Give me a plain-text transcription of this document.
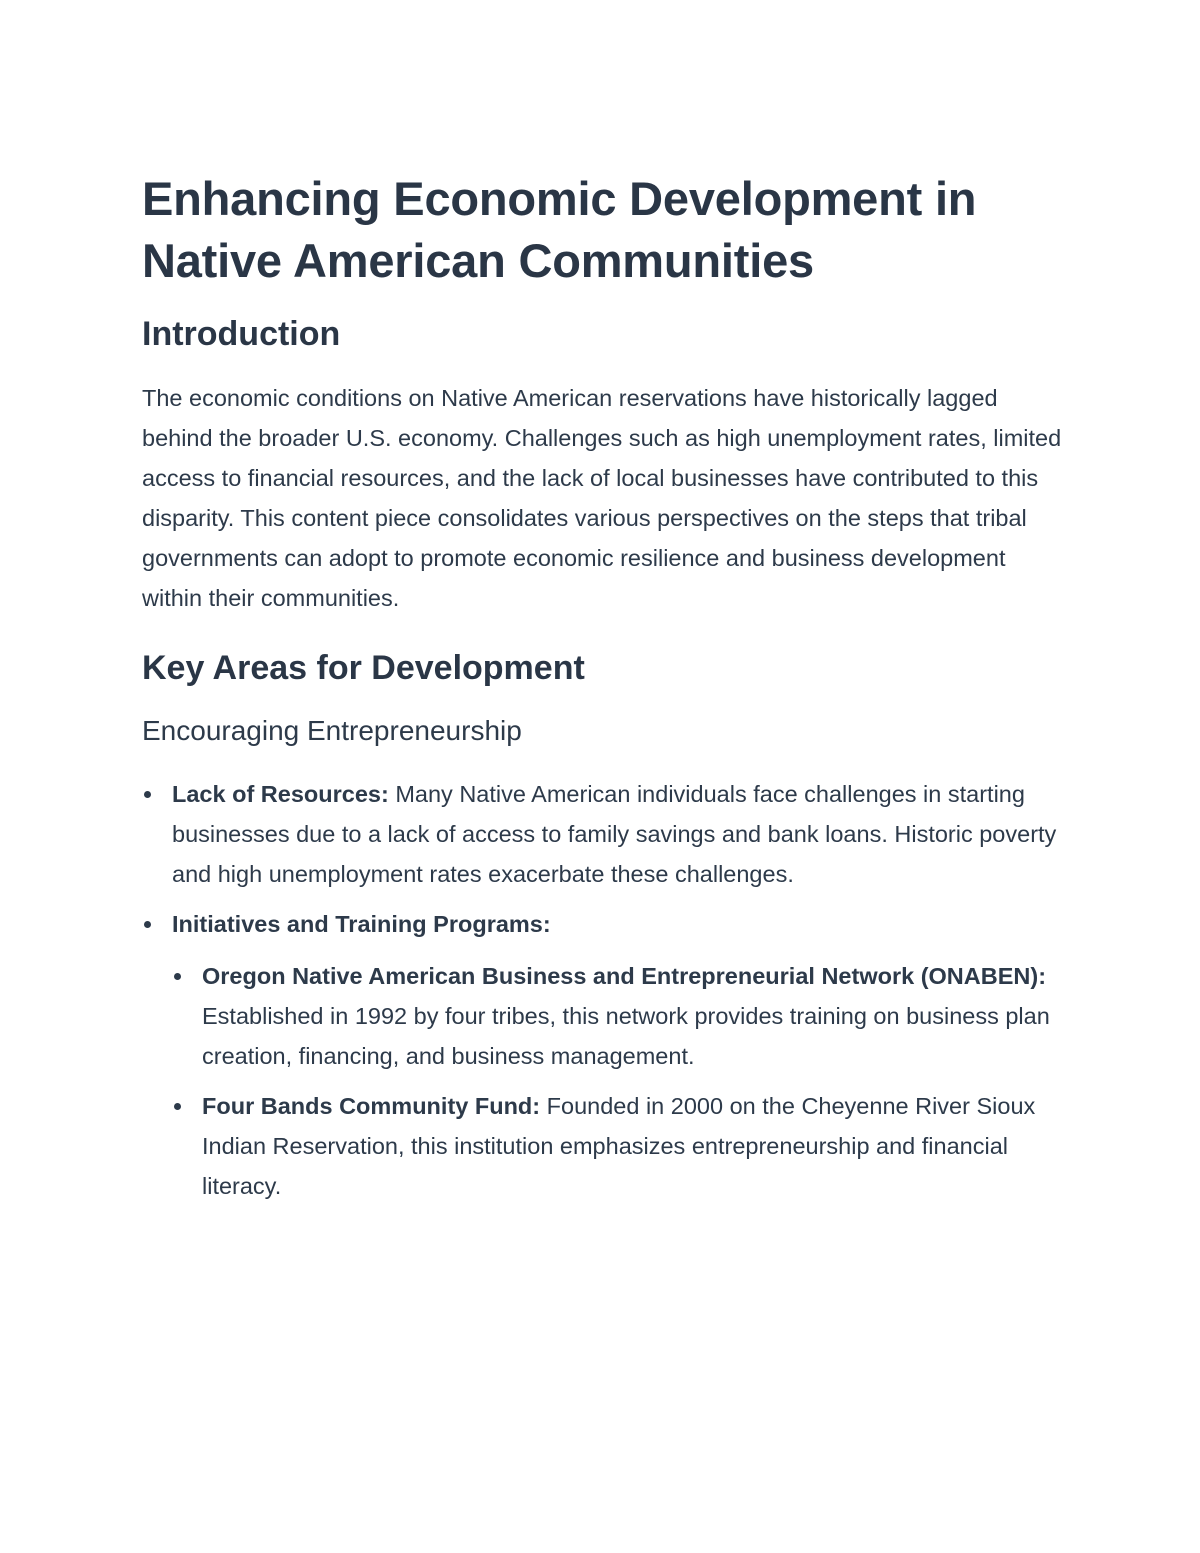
Enhancing Economic Development in Native American Communities
Introduction

The economic conditions on Native American reservations have historically lagged behind the broader U.S. economy. Challenges such as high unemployment rates, limited access to financial resources, and the lack of local businesses have contributed to this disparity. This content piece consolidates various perspectives on the steps that tribal governments can adopt to promote economic resilience and business development within their communities.

Key Areas for Development
Encouraging Entrepreneurship
Lack of Resources: Many Native American individuals face challenges in starting businesses due to a lack of access to family savings and bank loans. Historic poverty and high unemployment rates exacerbate these challenges.
Initiatives and Training Programs:
Oregon Native American Business and Entrepreneurial Network (ONABEN): Established in 1992 by four tribes, this network provides training on business plan creation, financing, and business management.
Four Bands Community Fund: Founded in 2000 on the Cheyenne River Sioux Indian Reservation, this institution emphasizes entrepreneurship and financial literacy.
